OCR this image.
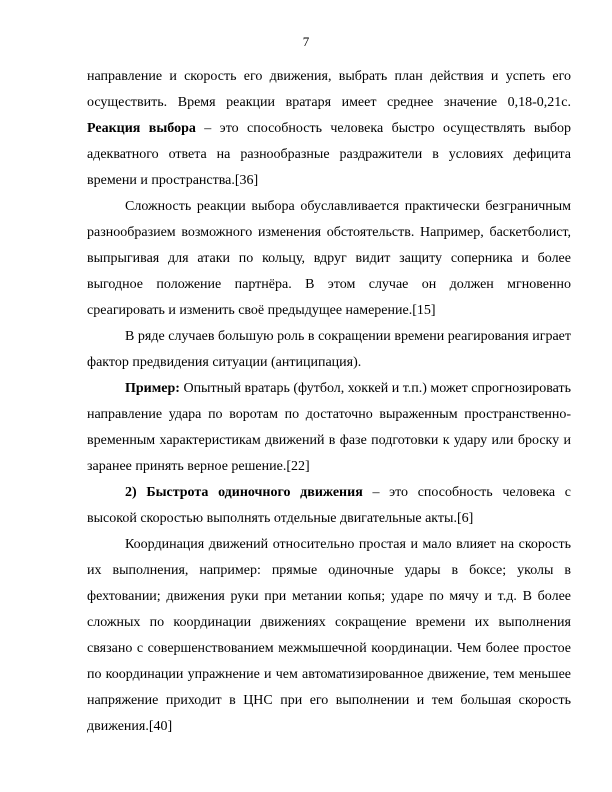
7

направление и скорость его движения, выбрать план действия и успеть его осуществить. Время реакции вратаря имеет среднее значение 0,18-0,21с. Реакция выбора – это способность человека быстро осуществлять выбор адекватного ответа на разнообразные раздражители в условиях дефицита времени и пространства.[36]

Сложность реакции выбора обуславливается практически безграничным разнообразием возможного изменения обстоятельств. Например, баскетболист, выпрыгивая для атаки по кольцу, вдруг видит защиту соперника и более выгодное положение партнёра. В этом случае он должен мгновенно среагировать и изменить своё предыдущее намерение.[15]

В ряде случаев большую роль в сокращении времени реагирования играет фактор предвидения ситуации (антиципация).

Пример: Опытный вратарь (футбол, хоккей и т.п.) может спрогнозировать направление удара по воротам по достаточно выраженным пространственно-временным характеристикам движений в фазе подготовки к удару или броску и заранее принять верное решение.[22]

2) Быстрота одиночного движения – это способность человека с высокой скоростью выполнять отдельные двигательные акты.[6]

Координация движений относительно простая и мало влияет на скорость их выполнения, например: прямые одиночные удары в боксе; уколы в фехтовании; движения руки при метании копья; ударе по мячу и т.д. В более сложных по координации движениях сокращение времени их выполнения связано с совершенствованием межмышечной координации. Чем более простое по координации упражнение и чем автоматизированное движение, тем меньшее напряжение приходит в ЦНС при его выполнении и тем большая скорость движения.[40]
